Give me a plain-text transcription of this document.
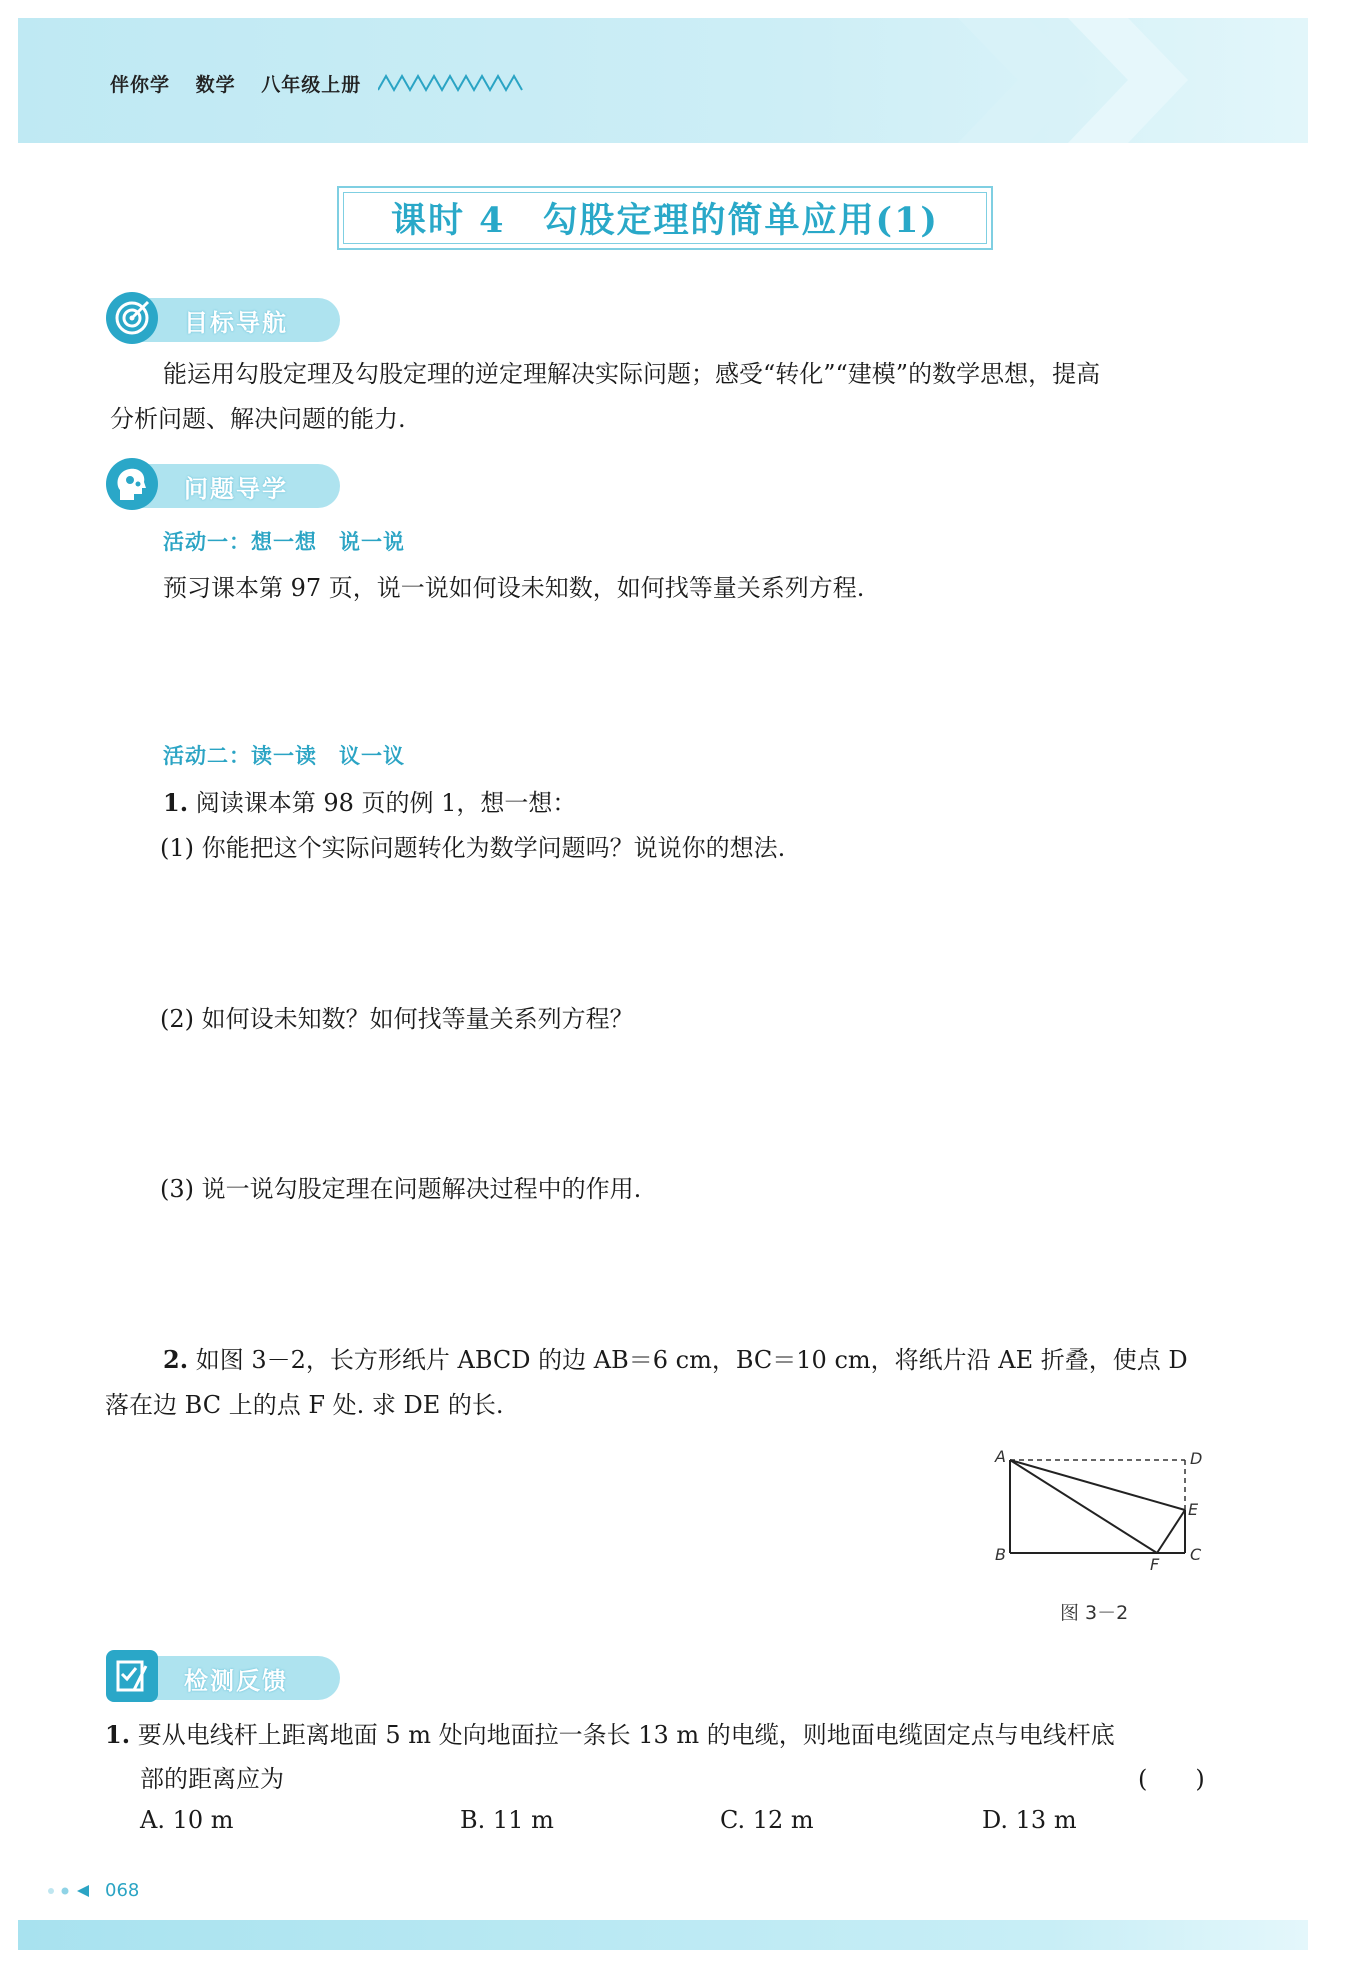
伴你学 数学 八年级上册
课时 4　勾股定理的简单应用(1)
目标导航
能运用勾股定理及勾股定理的逆定理解决实际问题；感受“转化”“建模”的数学思想，提高
分析问题、解决问题的能力.
问题导学
活动一：想一想　说一说
预习课本第 97 页，说一说如何设未知数，如何找等量关系列方程.
活动二：读一读　议一议
1. 阅读课本第 98 页的例 1，想一想：
(1) 你能把这个实际问题转化为数学问题吗？说说你的想法.
(2) 如何设未知数？如何找等量关系列方程？
(3) 说一说勾股定理在问题解决过程中的作用.
2. 如图 3－2，长方形纸片 ABCD 的边 AB＝6 cm，BC＝10 cm，将纸片沿 AE 折叠，使点 D
落在边 BC 上的点 F 处. 求 DE 的长.
A	D
E
B
F
C
图 3－2
检测反馈
1. 要从电线杆上距离地面 5 m 处向地面拉一条长 13 m 的电缆，则地面电缆固定点与电线杆底
部的距离应为	(　　)
A. 10 m	B. 11 m	C. 12 m	D. 13 m
068
